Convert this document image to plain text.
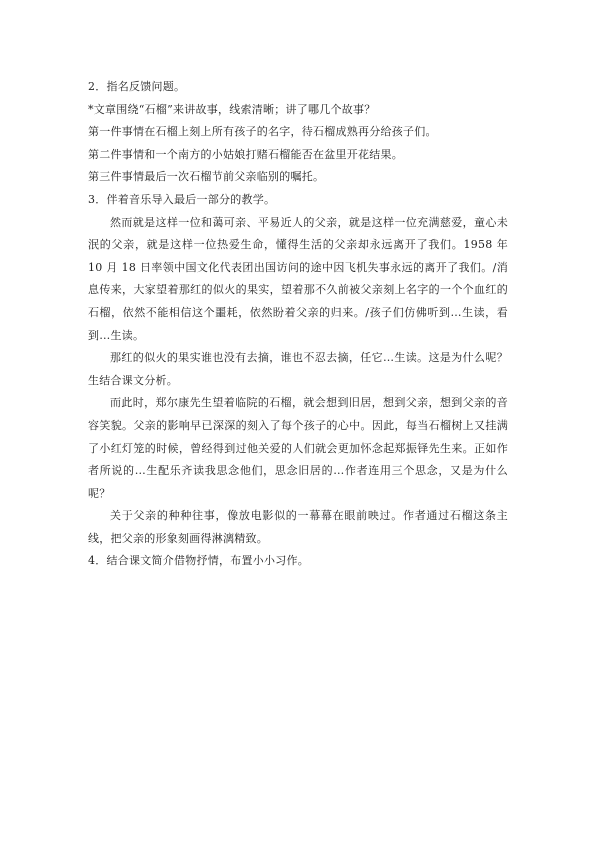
2．指名反馈问题。

*文章围绕“石榴”来讲故事，线索清晰；讲了哪几个故事？

第一件事情在石榴上刻上所有孩子的名字，待石榴成熟再分给孩子们。

第二件事情和一个南方的小姑娘打赌石榴能否在盆里开花结果。

第三件事情最后一次石榴节前父亲临别的嘱托。

3．伴着音乐导入最后一部分的教学。

然而就是这样一位和蔼可亲、平易近人的父亲，就是这样一位充满慈爱，童心未泯的父亲，就是这样一位热爱生命，懂得生活的父亲却永远离开了我们。1958 年 10 月 18 日率领中国文化代表团出国访问的途中因飞机失事永远的离开了我们。/消息传来，大家望着那红的似火的果实，望着那不久前被父亲刻上名字的一个个血红的石榴，依然不能相信这个噩耗，依然盼着父亲的归来。/孩子们仿佛听到…生读，看到…生读。

那红的似火的果实谁也没有去摘，谁也不忍去摘，任它…生读。这是为什么呢？生结合课文分析。

而此时，郑尔康先生望着临院的石榴，就会想到旧居，想到父亲，想到父亲的音容笑貌。父亲的影响早已深深的刻入了每个孩子的心中。因此，每当石榴树上又挂满了小红灯笼的时候，曾经得到过他关爱的人们就会更加怀念起郑振铎先生来。正如作者所说的…生配乐齐读我思念他们，思念旧居的…作者连用三个思念，又是为什么呢？

关于父亲的种种往事，像放电影似的一幕幕在眼前映过。作者通过石榴这条主线，把父亲的形象刻画得淋漓精致。

4．结合课文简介借物抒情，布置小小习作。
